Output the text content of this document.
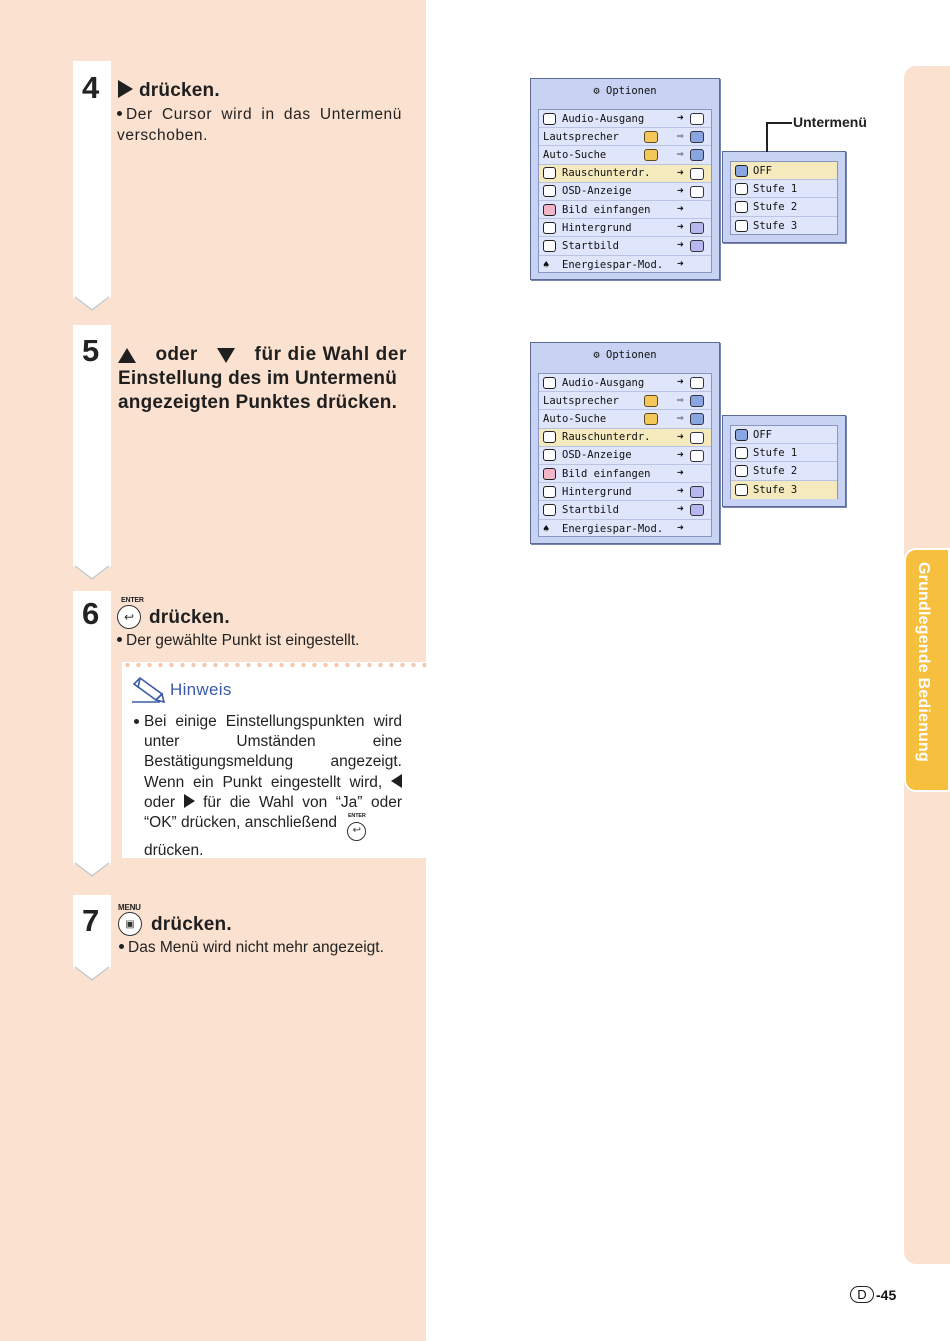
4	drücken.
Der Cursor wird in das Untermenü verschoben.
5	oder	für die Wahl der
Einstellung des im Untermenü
angezeigten Punktes drücken.
6	ENTER
↩ drücken.
Der gewählte Punkt ist eingestellt.
Hinweis
Bei einige Einstellungspunkten wird unter Umständen eine Bestätigungsmeldung angezeigt. Wenn ein Punkt eingestellt wird,  oder für die Wahl von “Ja” oder “OK” drücken, anschließend ENTER
↩
drücken.
7 MENU
▣ drücken.
Das Menü wird nicht mehr angezeigt.
⚙ Optionen
Audio-Ausgang	➜
Lautsprecher	⇨
Auto-Suche	⇨
Rauschunterdr. ➜
OSD-Anzeige	➜
Bild einfangen ➜
Hintergrund	➜
Startbild	➜
♠	Energiespar-Mod. ➜
OFF
Stufe 1
Stufe 2
Stufe 3
Untermenü
⚙ Optionen
Audio-Ausgang	➜
Lautsprecher	⇨
Auto-Suche	⇨
Rauschunterdr. ➜
OSD-Anzeige	➜
Bild einfangen ➜
Hintergrund	➜
Startbild	➜
♠	Energiespar-Mod. ➜
OFF
Stufe 1
Stufe 2
Stufe 3
Grundlegende Bedienung
D -45
